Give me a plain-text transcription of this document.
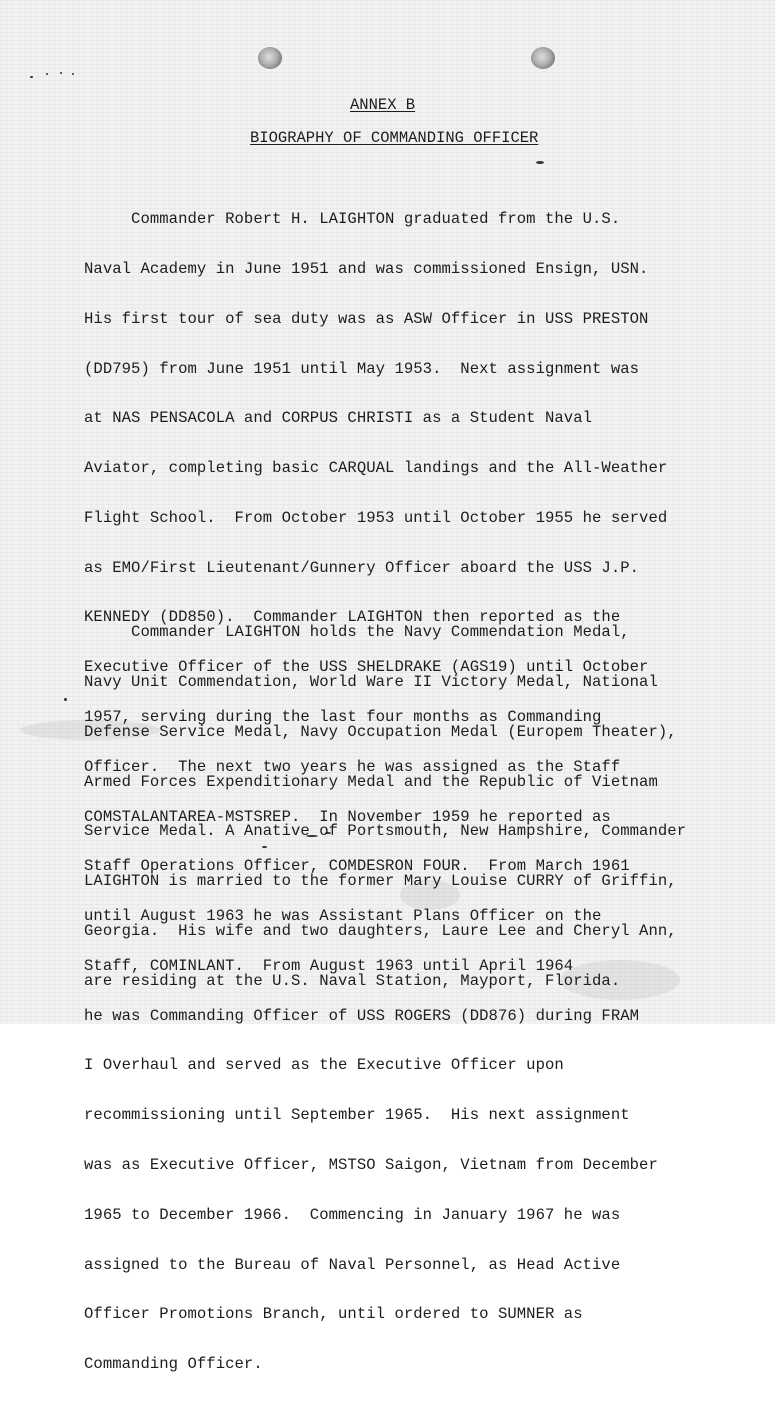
ANNEX B
BIOGRAPHY OF COMMANDING OFFICER

Commander Robert H. LAIGHTON graduated from the U.S.

Naval Academy in June 1951 and was commissioned Ensign, USN.

His first tour of sea duty was as ASW Officer in USS PRESTON

(DD795) from June 1951 until May 1953.  Next assignment was

at NAS PENSACOLA and CORPUS CHRISTI as a Student Naval

Aviator, completing basic CARQUAL landings and the All-Weather

Flight School.  From October 1953 until October 1955 he served

as EMO/First Lieutenant/Gunnery Officer aboard the USS J.P.

KENNEDY (DD850).  Commander LAIGHTON then reported as the

Executive Officer of the USS SHELDRAKE (AGS19) until October

1957, serving during the last four months as Commanding

Officer.  The next two years he was assigned as the Staff

COMSTALANTAREA-MSTSREP.  In November 1959 he reported as

Staff Operations Officer, COMDESRON FOUR.  From March 1961

until August 1963 he was Assistant Plans Officer on the

Staff, COMINLANT.  From August 1963 until April 1964

he was Commanding Officer of USS ROGERS (DD876) during FRAM

I Overhaul and served as the Executive Officer upon

recommissioning until September 1965.  His next assignment

was as Executive Officer, MSTSO Saigon, Vietnam from December

1965 to December 1966.  Commencing in January 1967 he was

assigned to the Bureau of Naval Personnel, as Head Active

Officer Promotions Branch, until ordered to SUMNER as

Commanding Officer.

Commander LAIGHTON holds the Navy Commendation Medal,

Navy Unit Commendation, World Ware II Victory Medal, National

Defense Service Medal, Navy Occupation Medal (Europem Theater),

Armed Forces Expenditionary Medal and the Republic of Vietnam

Service Medal. A Anative of Portsmouth, New Hampshire, Commander

LAIGHTON is married to the former Mary Louise CURRY of Griffin,

Georgia.  His wife and two daughters, Laure Lee and Cheryl Ann,

are residing at the U.S. Naval Station, Mayport, Florida.
